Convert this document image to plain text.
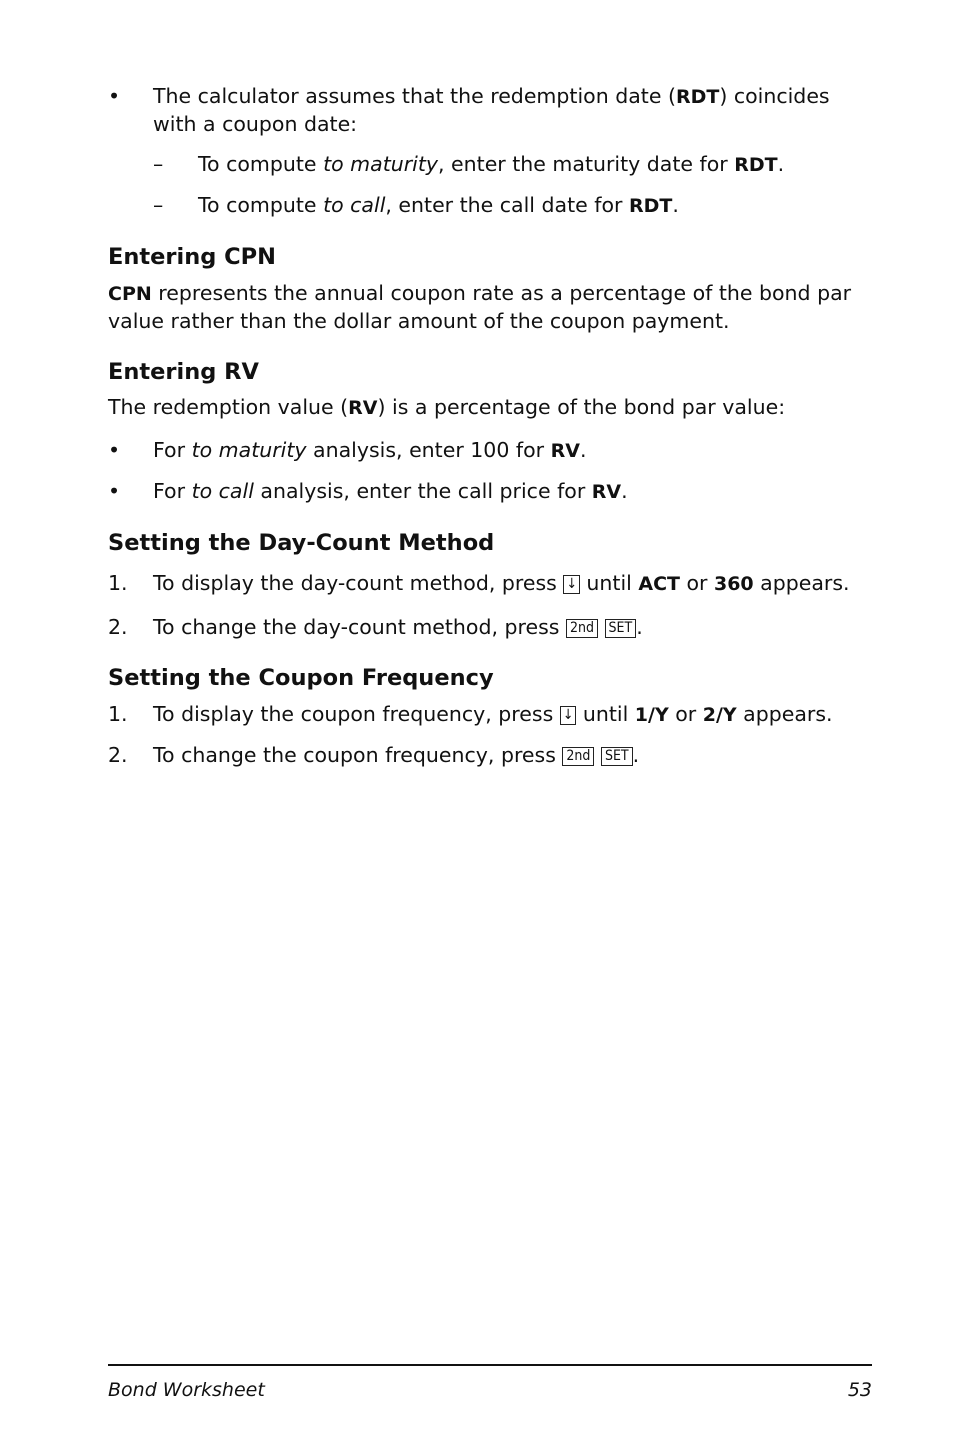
•	The calculator assumes that the redemption date (RDT) coincides with a coupon date:
– To compute to maturity, enter the maturity date for RDT.
– To compute to call, enter the call date for RDT.
Entering CPN

CPN represents the annual coupon rate as a percentage of the bond par value rather than the dollar amount of the coupon payment.

Entering RV

The redemption value (RV) is a percentage of the bond par value:

•	For to maturity analysis, enter 100 for RV.
•	For to call analysis, enter the call price for RV.
Setting the Day-Count Method
1. To display the day-count method, press ↓ until ACT or 360 appears.
2. To change the day-count method, press 2nd SET .
Setting the Coupon Frequency
1. To display the coupon frequency, press ↓ until 1/Y or 2/Y appears.
2. To change the coupon frequency, press 2nd SET .
Bond Worksheet	53
